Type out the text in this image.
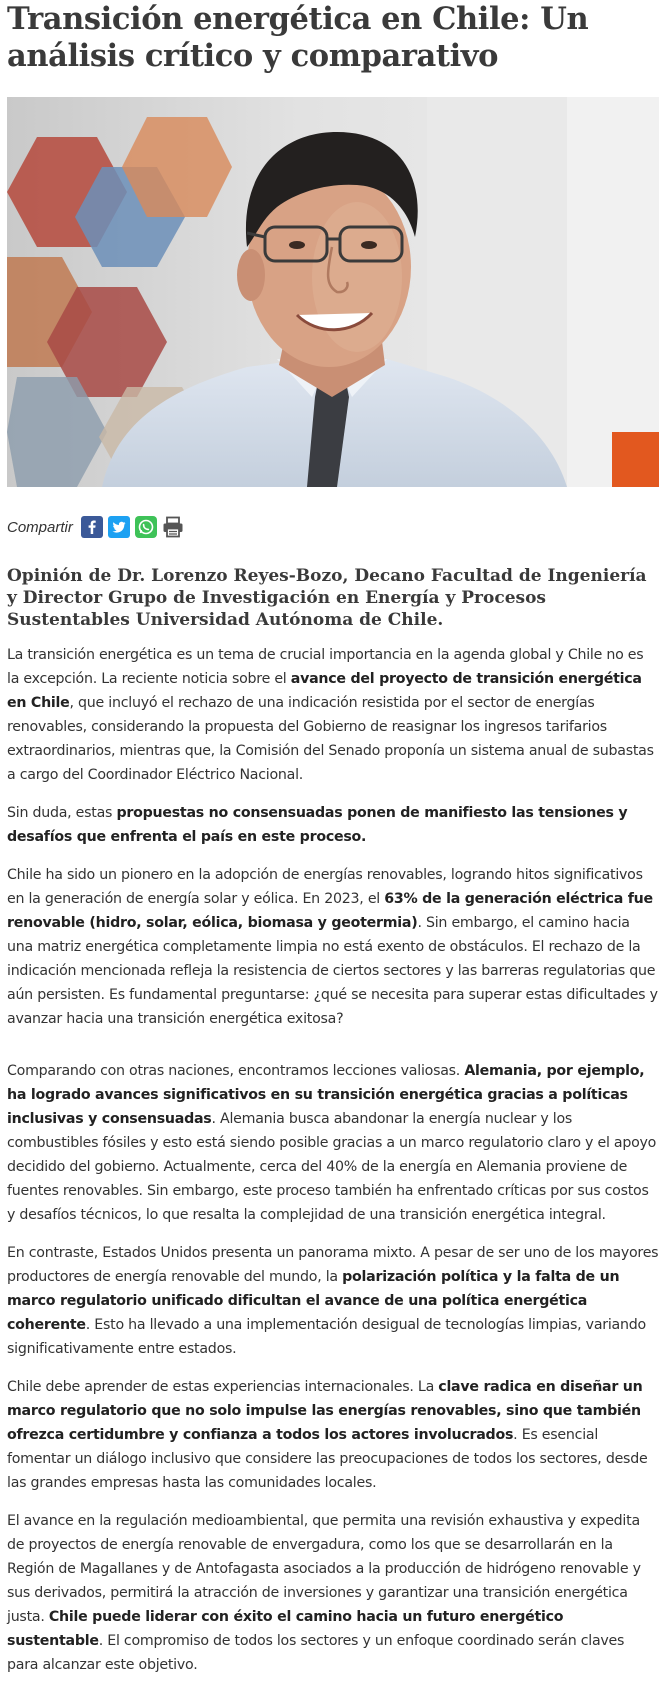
Transición energética en Chile: Un análisis crítico y comparativo
Compartir
Opinión de Dr. Lorenzo Reyes-Bozo, Decano Facultad de Ingeniería y Director Grupo de Investigación en Energía y Procesos Sustentables Universidad Autónoma de Chile.

La transición energética es un tema de crucial importancia en la agenda global y Chile no es la excepción. La reciente noticia sobre el avance del proyecto de transición energética en Chile, que incluyó el rechazo de una indicación resistida por el sector de energías renovables, considerando la propuesta del Gobierno de reasignar los ingresos tarifarios extraordinarios, mientras que, la Comisión del Senado proponía un sistema anual de subastas a cargo del Coordinador Eléctrico Nacional.

Sin duda, estas propuestas no consensuadas ponen de manifiesto las tensiones y desafíos que enfrenta el país en este proceso.

Chile ha sido un pionero en la adopción de energías renovables, logrando hitos significativos en la generación de energía solar y eólica. En 2023, el 63% de la generación eléctrica fue renovable (hidro, solar, eólica, biomasa y geotermia). Sin embargo, el camino hacia una matriz energética completamente limpia no está exento de obstáculos. El rechazo de la indicación mencionada refleja la resistencia de ciertos sectores y las barreras regulatorias que aún persisten. Es fundamental preguntarse: ¿qué se necesita para superar estas dificultades y avanzar hacia una transición energética exitosa?

Comparando con otras naciones, encontramos lecciones valiosas. Alemania, por ejemplo, ha logrado avances significativos en su transición energética gracias a políticas inclusivas y consensuadas. Alemania busca abandonar la energía nuclear y los combustibles fósiles y esto está siendo posible gracias a un marco regulatorio claro y el apoyo decidido del gobierno. Actualmente, cerca del 40% de la energía en Alemania proviene de fuentes renovables. Sin embargo, este proceso también ha enfrentado críticas por sus costos y desafíos técnicos, lo que resalta la complejidad de una transición energética integral.

En contraste, Estados Unidos presenta un panorama mixto. A pesar de ser uno de los mayores productores de energía renovable del mundo, la polarización política y la falta de un marco regulatorio unificado dificultan el avance de una política energética coherente. Esto ha llevado a una implementación desigual de tecnologías limpias, variando significativamente entre estados.

Chile debe aprender de estas experiencias internacionales. La clave radica en diseñar un marco regulatorio que no solo impulse las energías renovables, sino que también ofrezca certidumbre y confianza a todos los actores involucrados. Es esencial fomentar un diálogo inclusivo que considere las preocupaciones de todos los sectores, desde las grandes empresas hasta las comunidades locales.

El avance en la regulación medioambiental, que permita una revisión exhaustiva y expedita de proyectos de energía renovable de envergadura, como los que se desarrollarán en la Región de Magallanes y de Antofagasta asociados a la producción de hidrógeno renovable y sus derivados, permitirá la atracción de inversiones y garantizar una transición energética justa. Chile puede liderar con éxito el camino hacia un futuro energético sustentable. El compromiso de todos los sectores y un enfoque coordinado serán claves para alcanzar este objetivo.
